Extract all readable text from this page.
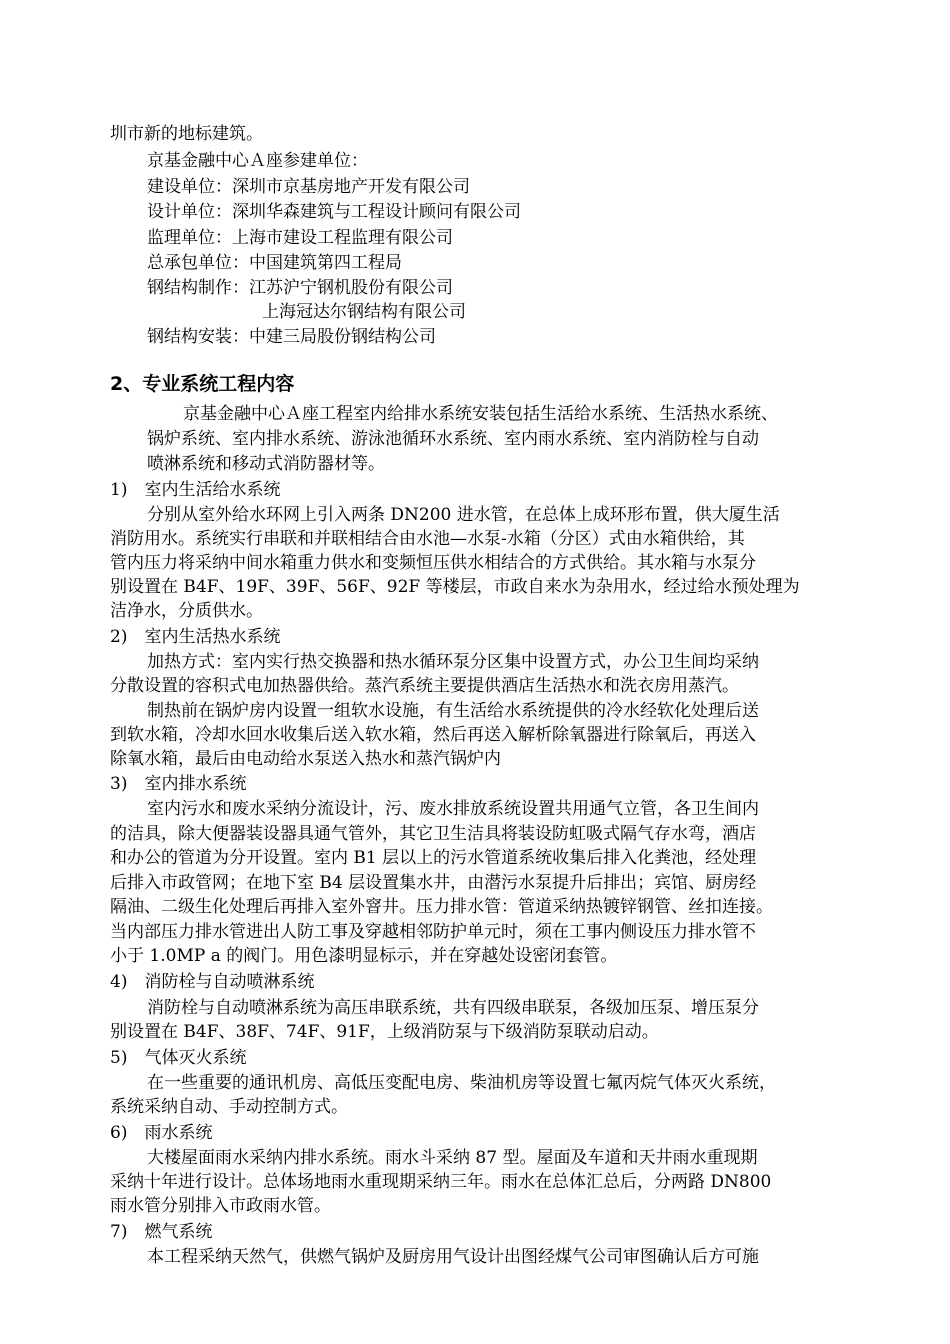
圳市新的地标建筑。
京基金融中心Ａ座参建单位：
建设单位：深圳市京基房地产开发有限公司
设计单位：深圳华森建筑与工程设计顾问有限公司
监理单位：上海市建设工程监理有限公司
总承包单位：中国建筑第四工程局
钢结构制作：江苏沪宁钢机股份有限公司
上海冠达尔钢结构有限公司
钢结构安装：中建三局股份钢结构公司
2、专业系统工程内容
京基金融中心Ａ座工程室内给排水系统安装包括生活给水系统、生活热水系统、
锅炉系统、室内排水系统、游泳池循环水系统、室内雨水系统、室内消防栓与自动
喷淋系统和移动式消防器材等。
1)　室内生活给水系统
分别从室外给水环网上引入两条 DN200 进水管，在总体上成环形布置，供大厦生活
消防用水。系统实行串联和并联相结合由水池—水泵-水箱（分区）式由水箱供给，其
管内压力将采纳中间水箱重力供水和变频恒压供水相结合的方式供给。其水箱与水泵分
别设置在 B4F、19F、39F、56F、92F 等楼层，市政自来水为杂用水，经过给水预处理为
洁净水，分质供水。
2)　室内生活热水系统
加热方式：室内实行热交换器和热水循环泵分区集中设置方式，办公卫生间均采纳
分散设置的容积式电加热器供给。蒸汽系统主要提供酒店生活热水和洗衣房用蒸汽。
制热前在锅炉房内设置一组软水设施，有生活给水系统提供的冷水经软化处理后送
到软水箱，冷却水回水收集后送入软水箱，然后再送入解析除氧器进行除氧后，再送入
除氧水箱，最后由电动给水泵送入热水和蒸汽锅炉内
3)　室内排水系统
室内污水和废水采纳分流设计，污、废水排放系统设置共用通气立管，各卫生间内
的洁具，除大便器装设器具通气管外，其它卫生洁具将装设防虹吸式隔气存水弯，酒店
和办公的管道为分开设置。室内 B1 层以上的污水管道系统收集后排入化粪池，经处理
后排入市政管网；在地下室 B4 层设置集水井，由潜污水泵提升后排出；宾馆、厨房经
隔油、二级生化处理后再排入室外窨井。压力排水管：管道采纳热镀锌钢管、丝扣连接。
当内部压力排水管进出人防工事及穿越相邻防护单元时，须在工事内侧设压力排水管不
小于 1.0MP a 的阀门。用色漆明显标示，并在穿越处设密闭套管。
4)　消防栓与自动喷淋系统
消防栓与自动喷淋系统为高压串联系统，共有四级串联泵，各级加压泵、增压泵分
别设置在 B4F、38F、74F、91F，上级消防泵与下级消防泵联动启动。
5)　气体灭火系统
在一些重要的通讯机房、高低压变配电房、柴油机房等设置七氟丙烷气体灭火系统，
系统采纳自动、手动控制方式。
6)　雨水系统
大楼屋面雨水采纳内排水系统。雨水斗采纳 87 型。屋面及车道和天井雨水重现期
采纳十年进行设计。总体场地雨水重现期采纳三年。雨水在总体汇总后，分两路 DN800
雨水管分别排入市政雨水管。
7)　燃气系统
本工程采纳天然气，供燃气锅炉及厨房用气设计出图经煤气公司审图确认后方可施
